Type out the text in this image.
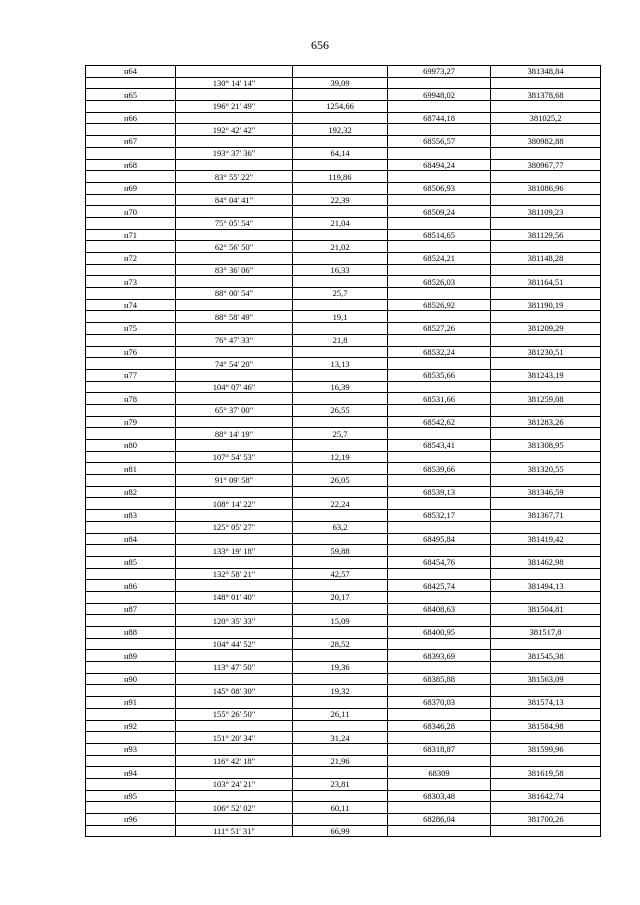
656
н64			69973,27	381348,84
	130° 14' 14"	39,09		
н65			69948,02	381378,68
	196° 21' 49"	1254,66		
н66			68744,18	381025,2
	192° 42' 42"	192,32		
н67			68556,57	380982,88
	193° 37' 36"	64,14		
н68			68494,24	380967,77
	83° 55' 22"	119,86		
н69			68506,93	381086,96
	84° 04' 41"	22,39		
н70			68509,24	381109,23
	75° 05' 54"	21,04		
н71			68514,65	381129,56
	62° 56' 50"	21,02		
н72			68524,21	381148,28
	83° 36' 06"	16,33		
н73			68526,03	381164,51
	88° 00' 54"	25,7		
н74			68526,92	381190,19
	88° 58' 49"	19,1		
н75			68527,26	381209,29
	76° 47' 33"	21,8		
н76			68532,24	381230,51
	74° 54' 20"	13,13		
н77			68535,66	381243,19
	104° 07' 46"	16,39		
н78			68531,66	381259,08
	65° 37' 00"	26,55		
н79			68542,62	381283,26
	88° 14' 19"	25,7		
н80			68543,41	381308,95
	107° 54' 53"	12,19		
н81			68539,66	381320,55
	91° 09' 58"	26,05		
н82			68539,13	381346,59
	108° 14' 22"	22,24		
н83			68532,17	381367,71
	125° 05' 27"	63,2		
н84			68495,84	381419,42
	133° 19' 18"	59,88		
н85			68454,76	381462,98
	132° 58' 21"	42,57		
н86			68425,74	381494,13
	148° 01' 40"	20,17		
н87			68408,63	381504,81
	120° 35' 33"	15,09		
н88			68400,95	381517,8
	104° 44' 52"	28,52		
н89			68393,69	381545,38
	113° 47' 50"	19,36		
н90			68385,88	381563,09
	145° 08' 30"	19,32		
н91			68370,03	381574,13
	155° 26' 50"	26,11		
н92			68346,28	381584,98
	151° 20' 34"	31,24		
н93			68318,87	381599,96
	116° 42' 18"	21,96		
н94			68309	381619,58
	103° 24' 21"	23,81		
н95			68303,48	381642,74
	106° 52' 02"	60,11		
н96			68286,04	381700,26
	111° 51' 31"	66,99		
